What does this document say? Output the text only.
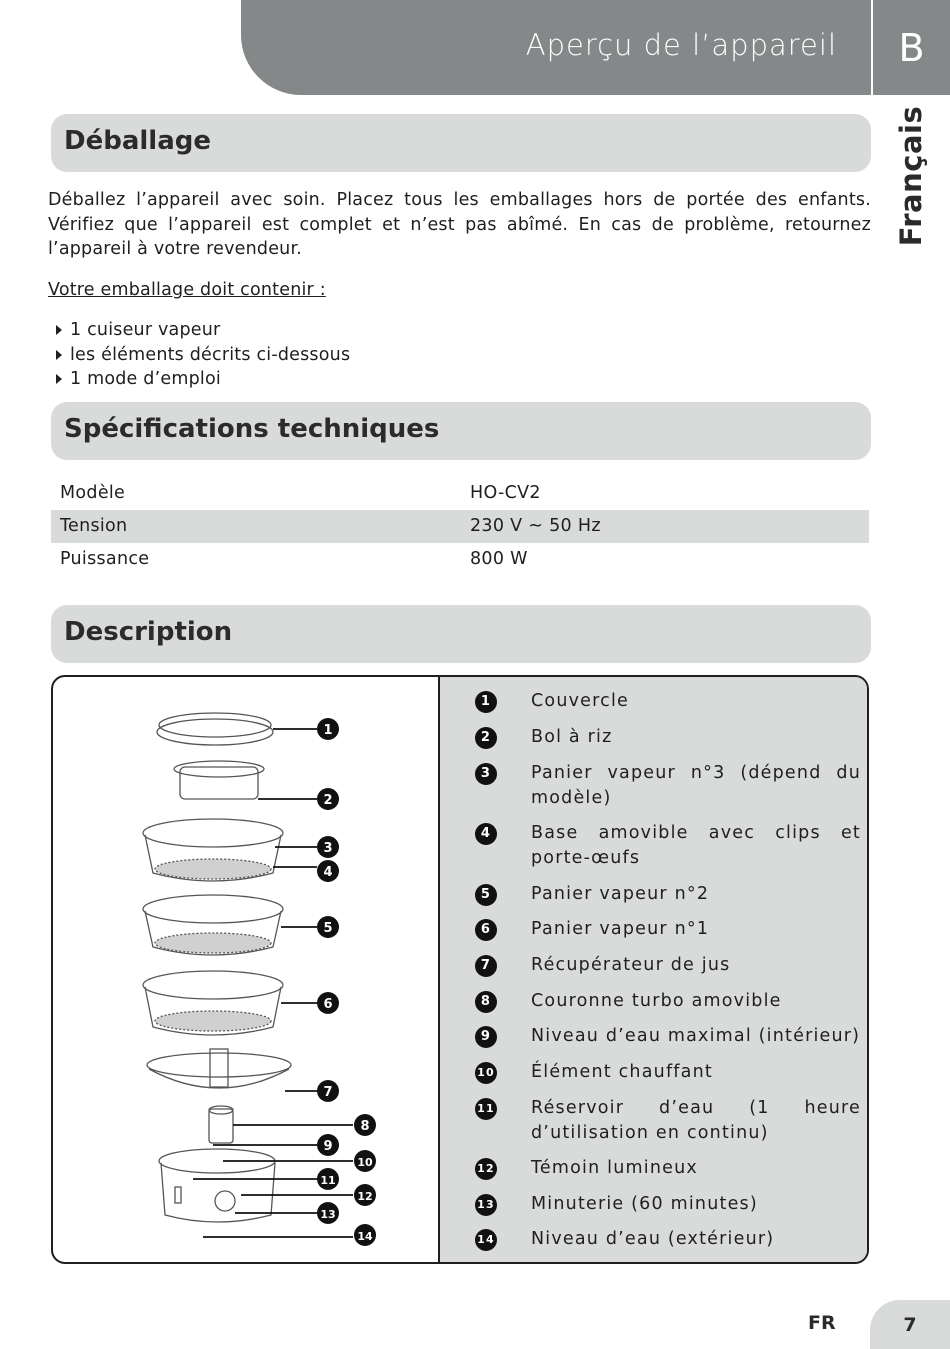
Aperçu de l’appareil	B
Français
Déballage

Déballez l’appareil avec soin. Placez tous les emballages hors de portée des enfants. Vérifiez que l’appareil est complet et n’est pas abîmé. En cas de problème, retournez l’appareil à votre revendeur.

Votre emballage doit contenir :

1 cuiseur vapeur
les éléments décrits ci-dessous
1 mode d’emploi
Spécifications techniques
Modèle	HO-CV2
Tension	230 V ~ 50 Hz
Puissance	800 W
Description
1
2
3
4
5
6
7
8
9
10
11
12
13
14
1	Couvercle
2	Bol à riz
3	Panier vapeur n°3 (dépend du modèle)
4	Base amovible avec clips et porte-œufs
5	Panier vapeur n°2
6	Panier vapeur n°1
7	Récupérateur de jus
8	Couronne turbo amovible
9	Niveau d’eau maximal (intérieur)
10 Élément chauffant
11 Réservoir d’eau (1 heure d’utilisation en continu)
12 Témoin lumineux
13 Minuterie (60 minutes)
14 Niveau d’eau (extérieur)
FR	7
